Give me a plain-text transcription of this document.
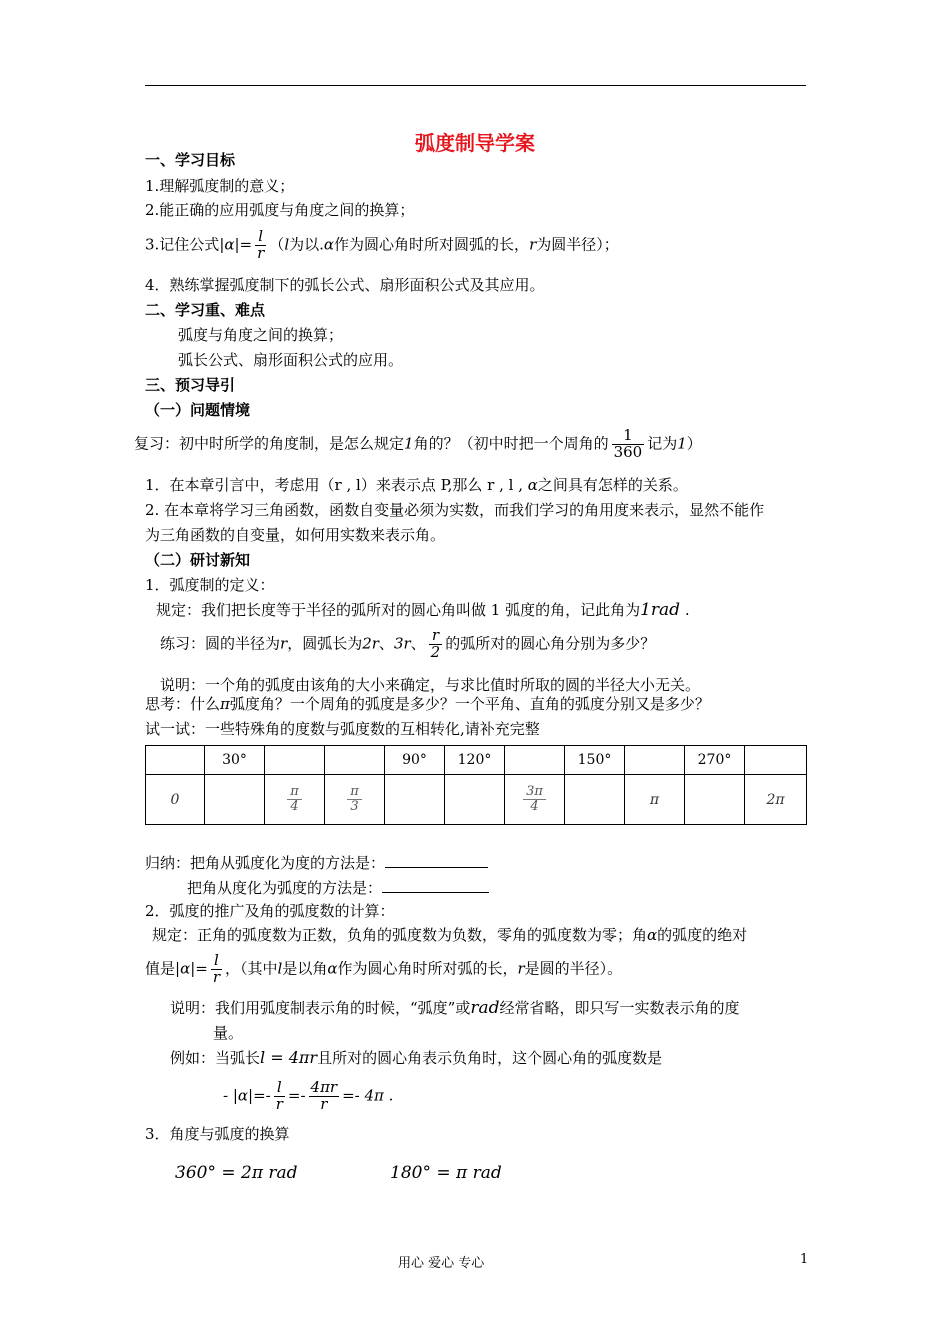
弧度制导学案
一、学习目标
1.理解弧度制的意义；
2.能正确的应用弧度与角度之间的换算；
3.记住公式$|\alpha|= \frac{l}{r} (l$为以.α作为圆心角时所对圆弧的长，r为圆半径）；
4．熟练掌握弧度制下的弧长公式、扇形面积公式及其应用。
二、学习重、难点
弧度与角度之间的换算；
弧长公式、扇形面积公式的应用。
三、预习导引
（一）问题情境
复习：初中时所学的角度制，是怎么规定1角的？（初中时把一个周角的 $\frac{1}{360}$ 记为1）
1．在本章引言中，考虑用（r , l）来表示点 P,那么 r , l , α之间具有怎样的关系。
2. 在本章将学习三角函数，函数自变量必须为实数，而我们学习的角用度来表示，显然不能作
为三角函数的自变量，如何用实数来表示角。
（二）研讨新知
1．弧度制的定义：
规定：我们把长度等于半径的弧所对的圆心角叫做 1 弧度的角，记此角为1rad .
练习：圆的半径为r，圆弧长为2r、3r、 $\frac{r}{2}$ 的弧所对的圆心角分别为多少？
说明：一个角的弧度由该角的大小来确定，与求比值时所取的圆的半径大小无关。
思考：什么π弧度角？一个周角的弧度是多少？一个平角、直角的弧度分别又是多少？
试一试：一些特殊角的度数与弧度数的互相转化,请补充完整
	30°			90°	120°		150°		270°	
0		$\frac{\pi}{4}$	$\frac{\pi}{3}$			$\frac{3\pi}{4}$		π		2π
归纳：把角从弧度化为度的方法是：
把角从度化为弧度的方法是：
2．弧度的推广及角的弧度数的计算：
规定：正角的弧度数为正数，负角的弧度数为负数，零角的弧度数为零；角α的弧度的绝对
值是$|\alpha|= \frac{l}{r}$ ，（其中l是以角α作为圆心角时所对弧的长，r是圆的半径）。
说明：我们用弧度制表示角的时候，“弧度”或rad经常省略，即只写一实数表示角的度
量。
例如：当弧长l = 4πr且所对的圆心角表示负角时，这个圆心角的弧度数是
- $|\alpha|=- \frac{l}{r} =- \frac{4\pi r}{r} =- 4\pi$ .
3．角度与弧度的换算
360° = 2π rad	180° = π rad
用心 爱心 专心	1
